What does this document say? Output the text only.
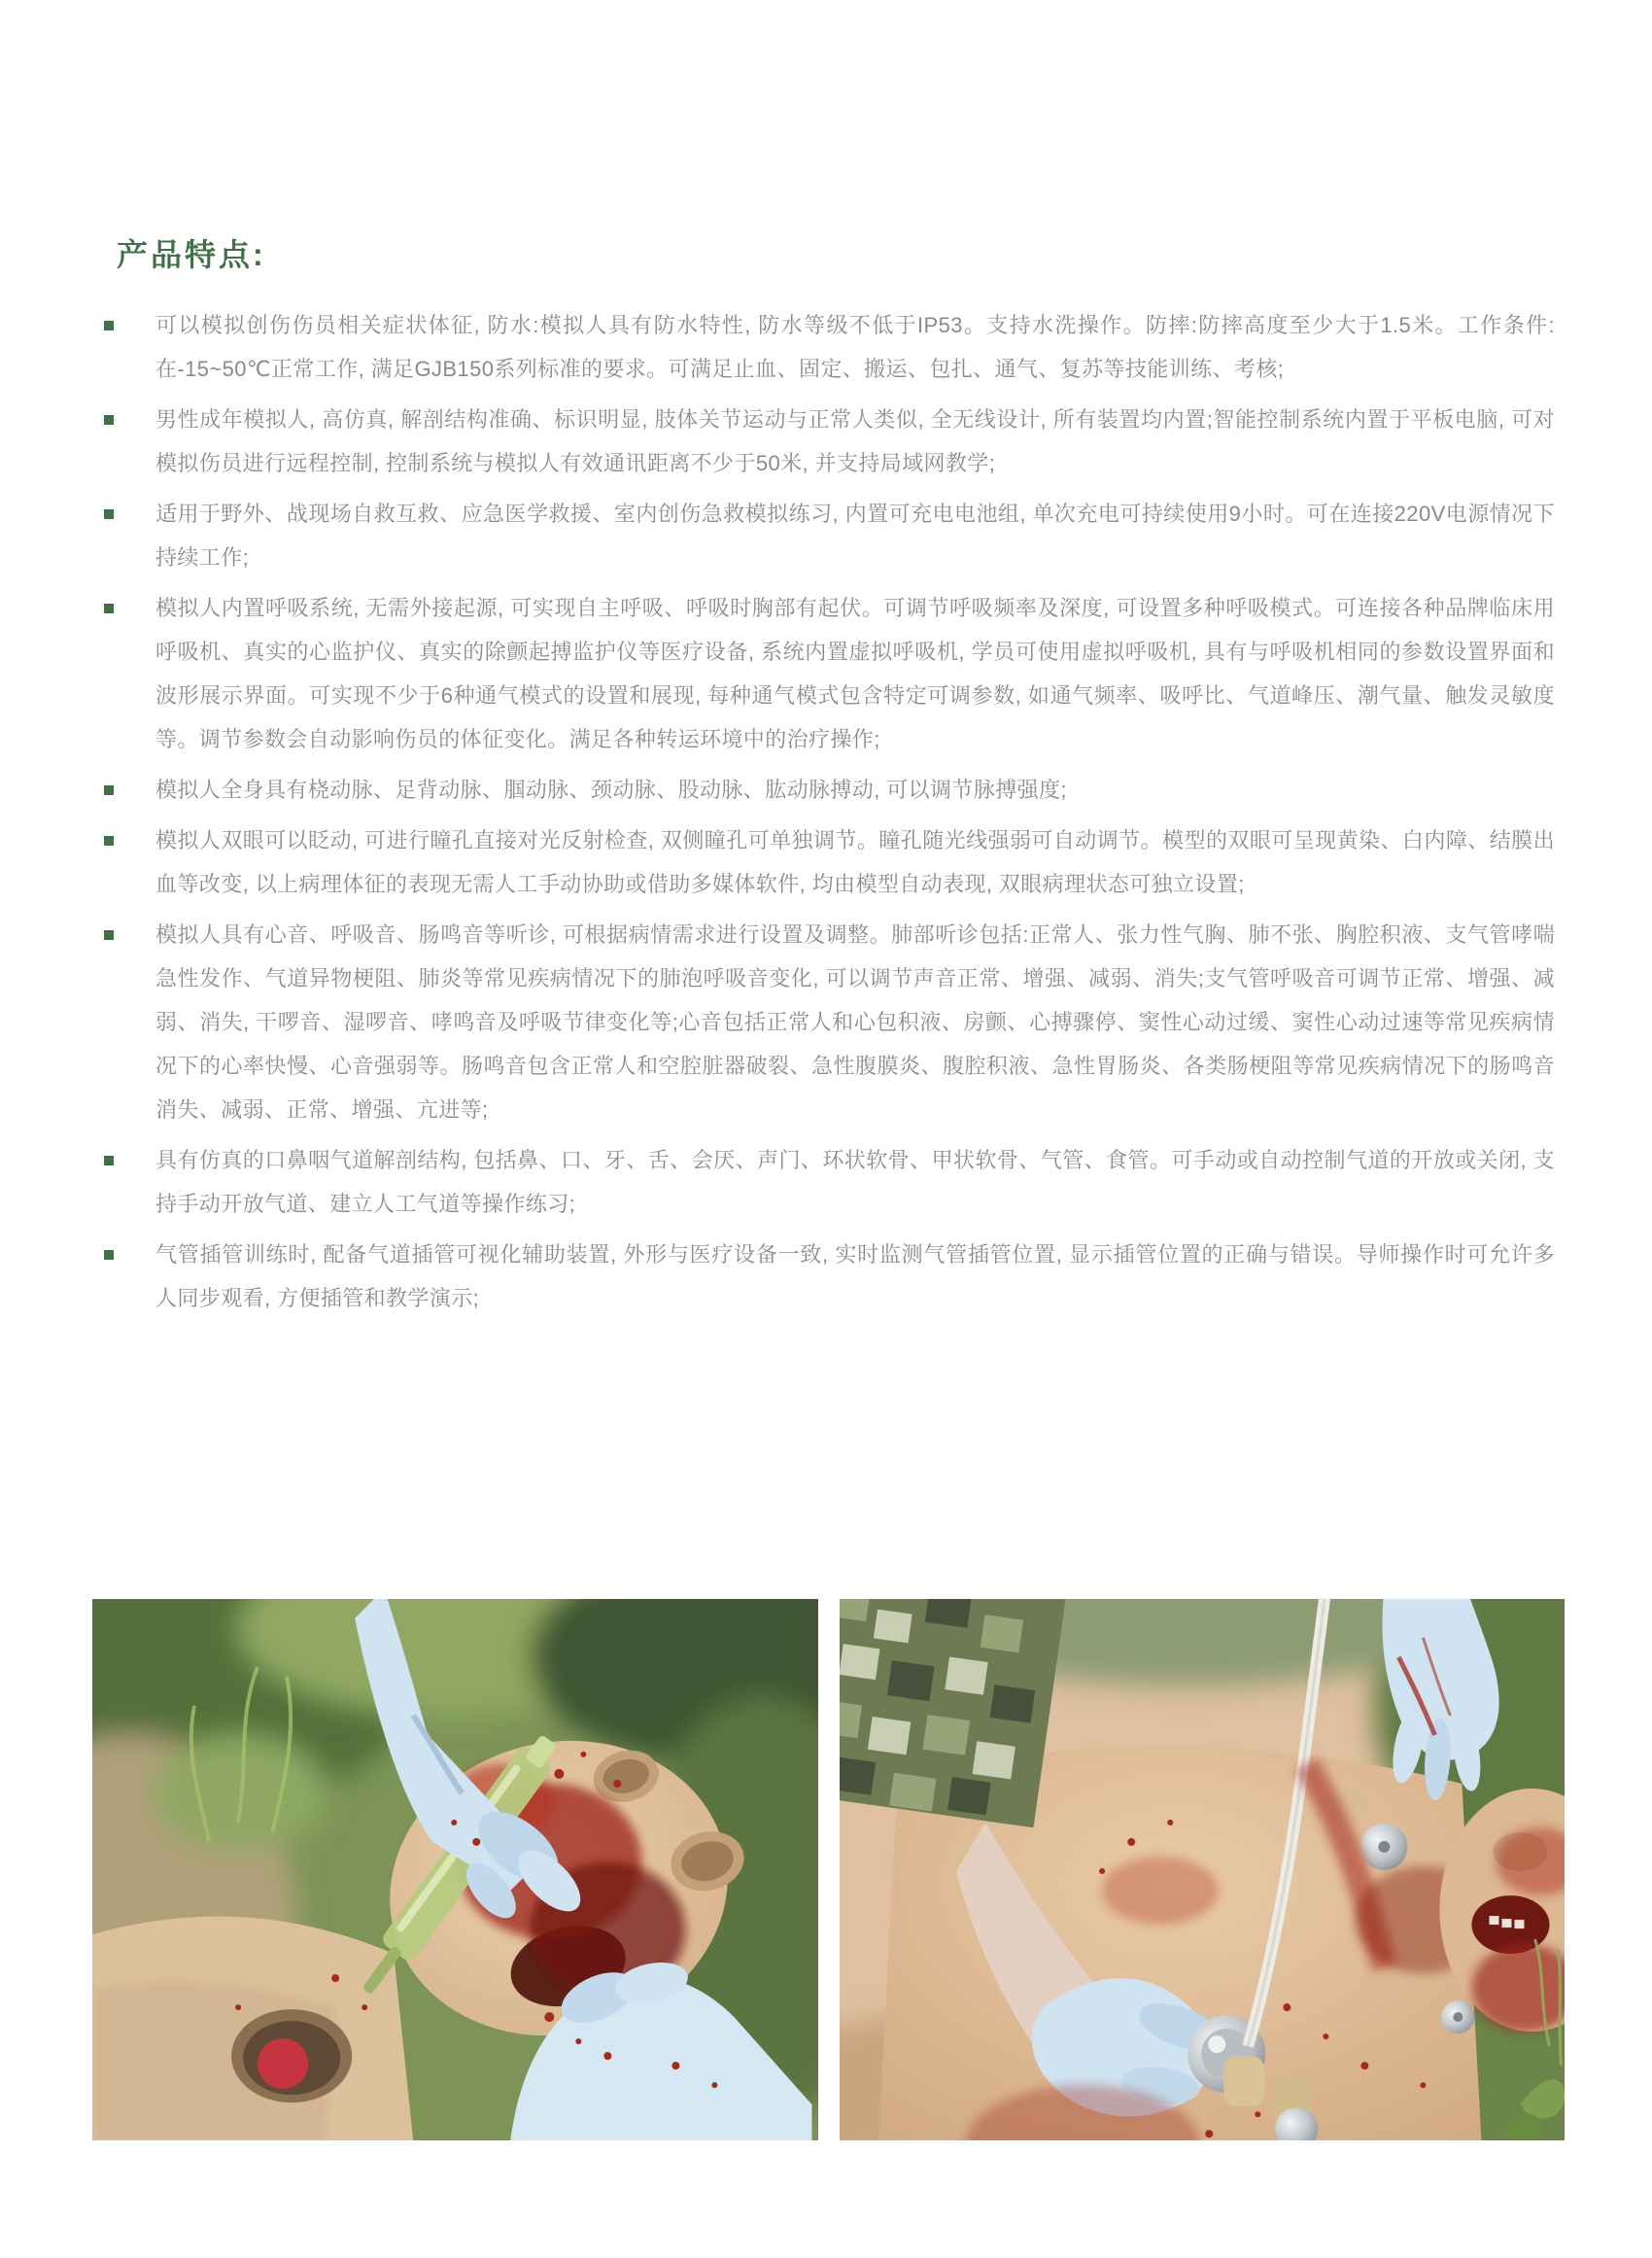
产品特点:
可以模拟创伤伤员相关症状体征, 防水:模拟人具有防水特性, 防水等级不低于IP53。支持水洗操作。防摔:防摔高度至少大于1.5米。工作条件:在-15~50℃正常工作, 满足GJB150系列标准的要求。可满足止血、固定、搬运、包扎、通气、复苏等技能训练、考核;
男性成年模拟人, 高仿真, 解剖结构准确、标识明显, 肢体关节运动与正常人类似, 全无线设计, 所有装置均内置;智能控制系统内置于平板电脑, 可对模拟伤员进行远程控制, 控制系统与模拟人有效通讯距离不少于50米, 并支持局域网教学;
适用于野外、战现场自救互救、应急医学救援、室内创伤急救模拟练习, 内置可充电电池组, 单次充电可持续使用9小时。可在连接220V电源情况下持续工作;
模拟人内置呼吸系统, 无需外接起源, 可实现自主呼吸、呼吸时胸部有起伏。可调节呼吸频率及深度, 可设置多种呼吸模式。可连接各种品牌临床用呼吸机、真实的心监护仪、真实的除颤起搏监护仪等医疗设备, 系统内置虚拟呼吸机, 学员可使用虚拟呼吸机, 具有与呼吸机相同的参数设置界面和波形展示界面。可实现不少于6种通气模式的设置和展现, 每种通气模式包含特定可调参数, 如通气频率、吸呼比、气道峰压、潮气量、触发灵敏度等。调节参数会自动影响伤员的体征变化。满足各种转运环境中的治疗操作;
模拟人全身具有桡动脉、足背动脉、腘动脉、颈动脉、股动脉、肱动脉搏动, 可以调节脉搏强度;
模拟人双眼可以眨动, 可进行瞳孔直接对光反射检查, 双侧瞳孔可单独调节。瞳孔随光线强弱可自动调节。模型的双眼可呈现黄染、白内障、结膜出血等改变, 以上病理体征的表现无需人工手动协助或借助多媒体软件, 均由模型自动表现, 双眼病理状态可独立设置;
模拟人具有心音、呼吸音、肠鸣音等听诊, 可根据病情需求进行设置及调整。肺部听诊包括:正常人、张力性气胸、肺不张、胸腔积液、支气管哮喘急性发作、气道异物梗阻、肺炎等常见疾病情况下的肺泡呼吸音变化, 可以调节声音正常、增强、减弱、消失;支气管呼吸音可调节正常、增强、减弱、消失, 干啰音、湿啰音、哮鸣音及呼吸节律变化等;心音包括正常人和心包积液、房颤、心搏骤停、窦性心动过缓、窦性心动过速等常见疾病情况下的心率快慢、心音强弱等。肠鸣音包含正常人和空腔脏器破裂、急性腹膜炎、腹腔积液、急性胃肠炎、各类肠梗阻等常见疾病情况下的肠鸣音消失、减弱、正常、增强、亢进等;
具有仿真的口鼻咽气道解剖结构, 包括鼻、口、牙、舌、会厌、声门、环状软骨、甲状软骨、气管、食管。可手动或自动控制气道的开放或关闭, 支持手动开放气道、建立人工气道等操作练习;
气管插管训练时, 配备气道插管可视化辅助装置, 外形与医疗设备一致, 实时监测气管插管位置, 显示插管位置的正确与错误。导师操作时可允许多人同步观看, 方便插管和教学演示;
